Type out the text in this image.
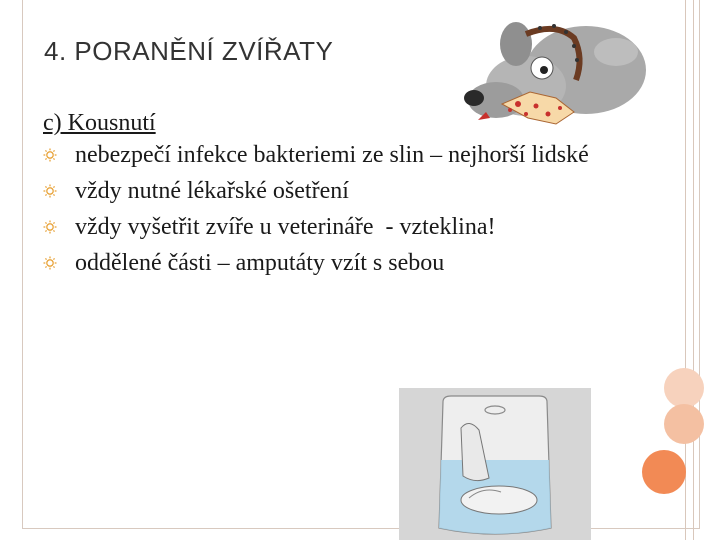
4. PORANĚNÍ ZVÍŘATY

c) Kousnutí

nebezpečí infekce bakteriemi ze slin – nejhorší lidské
vždy nutné lékařské ošetření
vždy vyšetřit zvíře u veterináře  - vzteklina!
oddělené části – amputáty vzít s sebou
